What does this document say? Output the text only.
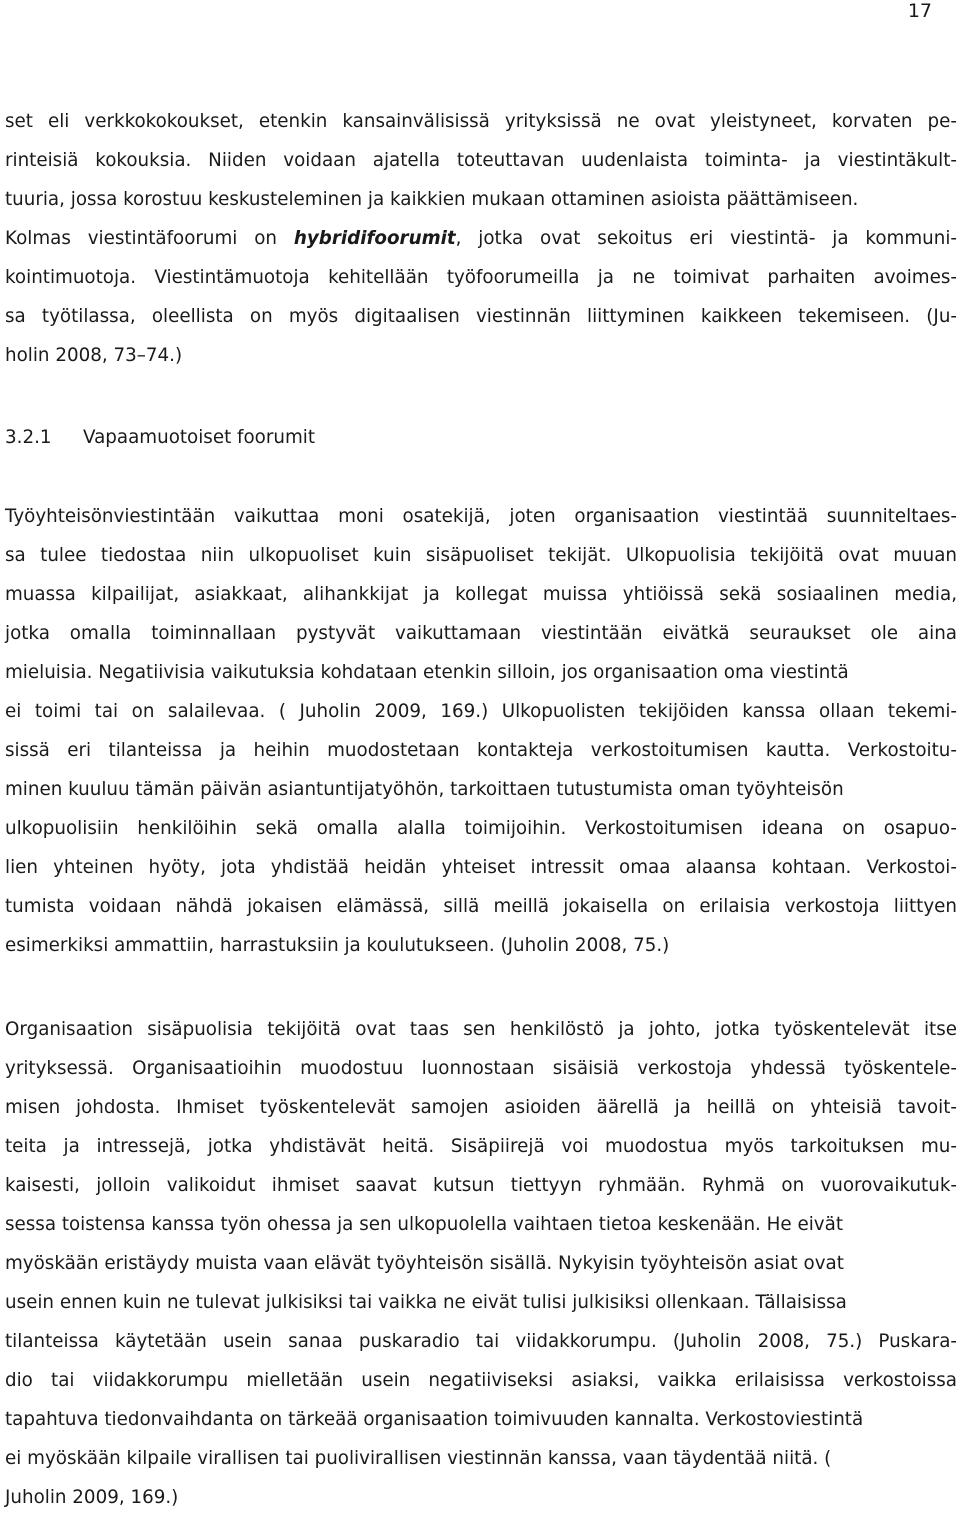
17
set eli verkkokokoukset, etenkin kansainvälisissä yrityksissä ne ovat yleistyneet, korvaten pe-
rinteisiä kokouksia. Niiden voidaan ajatella toteuttavan uudenlaista toiminta- ja viestintäkult-
tuuria, jossa korostuu keskusteleminen ja kaikkien mukaan ottaminen asioista päättämiseen.
Kolmas viestintäfoorumi on hybridifoorumit, jotka ovat sekoitus eri viestintä- ja kommuni-
kointimuotoja. Viestintämuotoja kehitellään työfoorumeilla ja ne toimivat parhaiten avoimes-
sa työtilassa, oleellista on myös digitaalisen viestinnän liittyminen kaikkeen tekemiseen. (Ju-
holin 2008, 73–74.)
3.2.1 Vapaamuotoiset foorumit
Työyhteisönviestintään vaikuttaa moni osatekijä, joten organisaation viestintää suunniteltaes-
sa tulee tiedostaa niin ulkopuoliset kuin sisäpuoliset tekijät. Ulkopuolisia tekijöitä ovat muuan
muassa kilpailijat, asiakkaat, alihankkijat ja kollegat muissa yhtiöissä sekä sosiaalinen media,
jotka omalla toiminnallaan pystyvät vaikuttamaan viestintään eivätkä seuraukset ole aina
mieluisia. Negatiivisia vaikutuksia kohdataan etenkin silloin, jos organisaation oma viestintä
ei toimi tai on salailevaa. ( Juholin 2009, 169.) Ulkopuolisten tekijöiden kanssa ollaan tekemi-
sissä eri tilanteissa ja heihin muodostetaan kontakteja verkostoitumisen kautta. Verkostoitu-
minen kuuluu tämän päivän asiantuntijatyöhön, tarkoittaen tutustumista oman työyhteisön
ulkopuolisiin henkilöihin sekä omalla alalla toimijoihin. Verkostoitumisen ideana on osapuo-
lien yhteinen hyöty, jota yhdistää heidän yhteiset intressit omaa alaansa kohtaan. Verkostoi-
tumista voidaan nähdä jokaisen elämässä, sillä meillä jokaisella on erilaisia verkostoja liittyen
esimerkiksi ammattiin, harrastuksiin ja koulutukseen. (Juholin 2008, 75.)
Organisaation sisäpuolisia tekijöitä ovat taas sen henkilöstö ja johto, jotka työskentelevät itse
yrityksessä. Organisaatioihin muodostuu luonnostaan sisäisiä verkostoja yhdessä työskentele-
misen johdosta. Ihmiset työskentelevät samojen asioiden äärellä ja heillä on yhteisiä tavoit-
teita ja intressejä, jotka yhdistävät heitä. Sisäpiirejä voi muodostua myös tarkoituksen mu-
kaisesti, jolloin valikoidut ihmiset saavat kutsun tiettyyn ryhmään. Ryhmä on vuorovaikutuk-
sessa toistensa kanssa työn ohessa ja sen ulkopuolella vaihtaen tietoa keskenään. He eivät
myöskään eristäydy muista vaan elävät työyhteisön sisällä. Nykyisin työyhteisön asiat ovat
usein ennen kuin ne tulevat julkisiksi tai vaikka ne eivät tulisi julkisiksi ollenkaan. Tällaisissa
tilanteissa käytetään usein sanaa puskaradio tai viidakkorumpu. (Juholin 2008, 75.) Puskara-
dio tai viidakkorumpu mielletään usein negatiiviseksi asiaksi, vaikka erilaisissa verkostoissa
tapahtuva tiedonvaihdanta on tärkeää organisaation toimivuuden kannalta. Verkostoviestintä
ei myöskään kilpaile virallisen tai puolivirallisen viestinnän kanssa, vaan täydentää niitä. (
Juholin 2009, 169.)
